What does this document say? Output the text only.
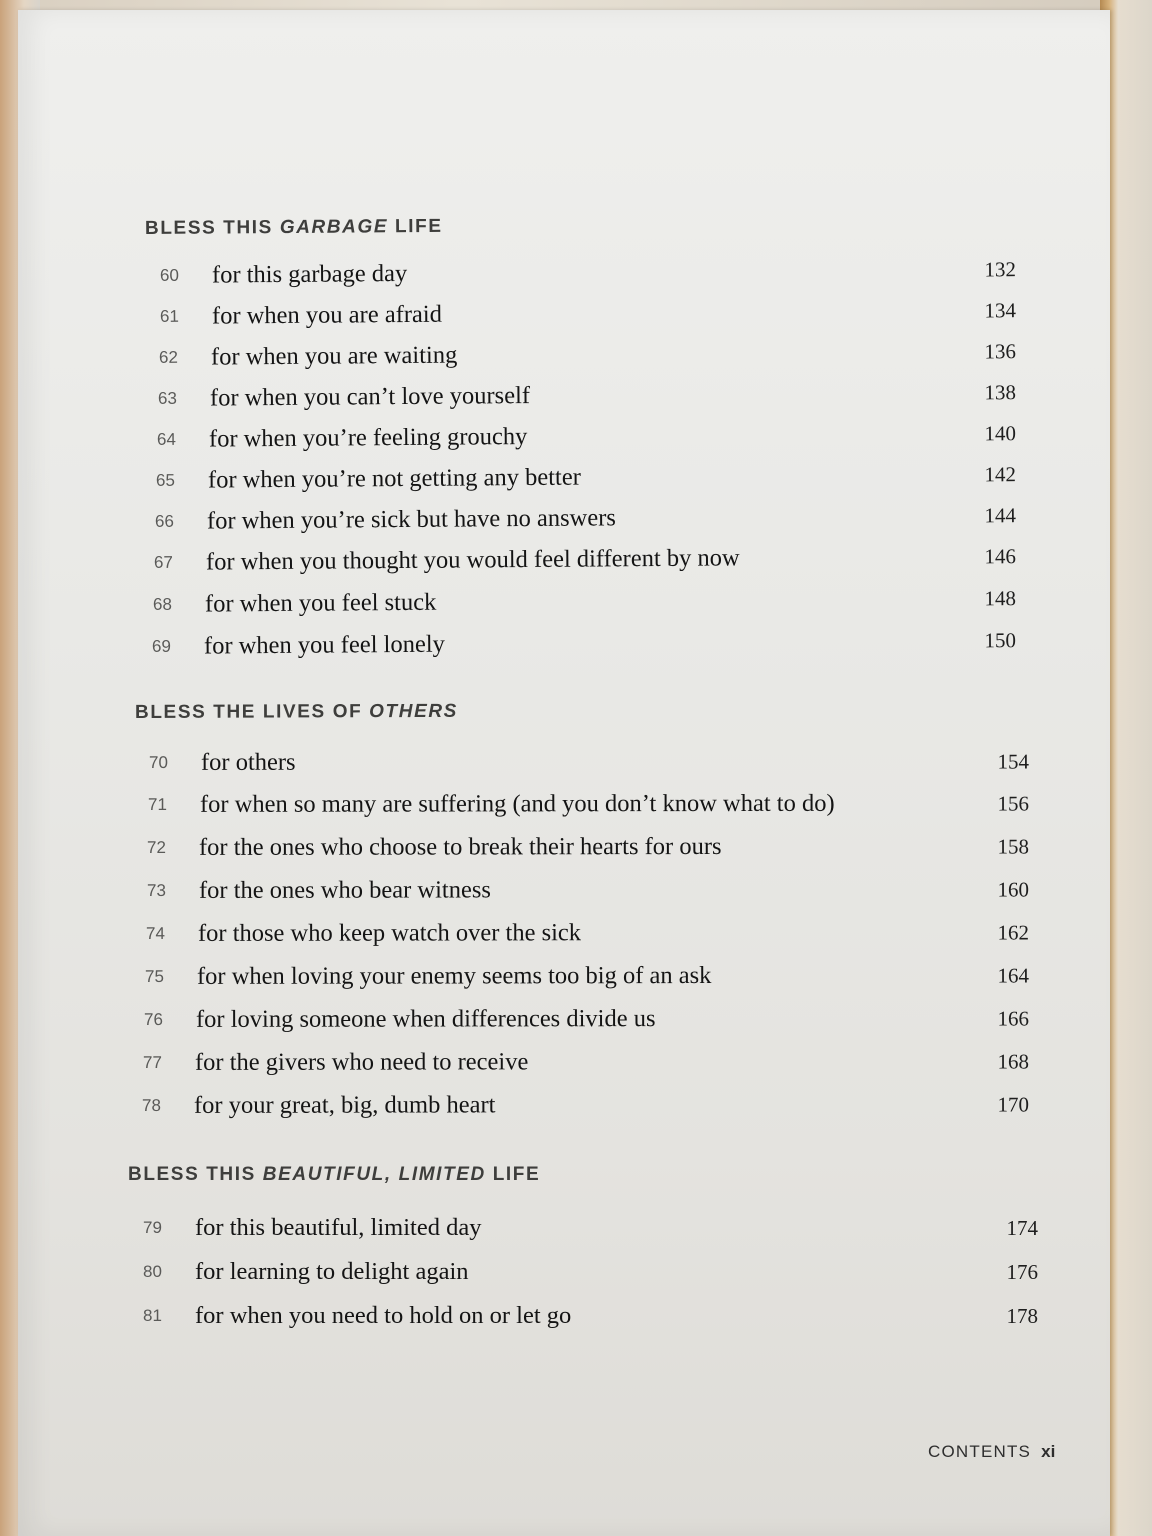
BLESS THIS GARBAGE LIFE
60	for this garbage day	132
61	for when you are afraid	134
62	for when you are waiting	136
63	for when you can’t love yourself	138
64	for when you’re feeling grouchy	140
65	for when you’re not getting any better	142
66	for when you’re sick but have no answers	144
67	for when you thought you would feel different by now	146
68	for when you feel stuck	148
69	for when you feel lonely	150
BLESS THE LIVES OF OTHERS
70	for others	154
71	for when so many are suffering (and you don’t know what to do)	156
72	for the ones who choose to break their hearts for ours	158
73	for the ones who bear witness	160
74	for those who keep watch over the sick	162
75	for when loving your enemy seems too big of an ask	164
76	for loving someone when differences divide us	166
77	for the givers who need to receive	168
78	for your great, big, dumb heart	170
BLESS THIS BEAUTIFUL, LIMITED LIFE
79	for this beautiful, limited day	174
80	for learning to delight again	176
81	for when you need to hold on or let go	178
CONTENTS xi
